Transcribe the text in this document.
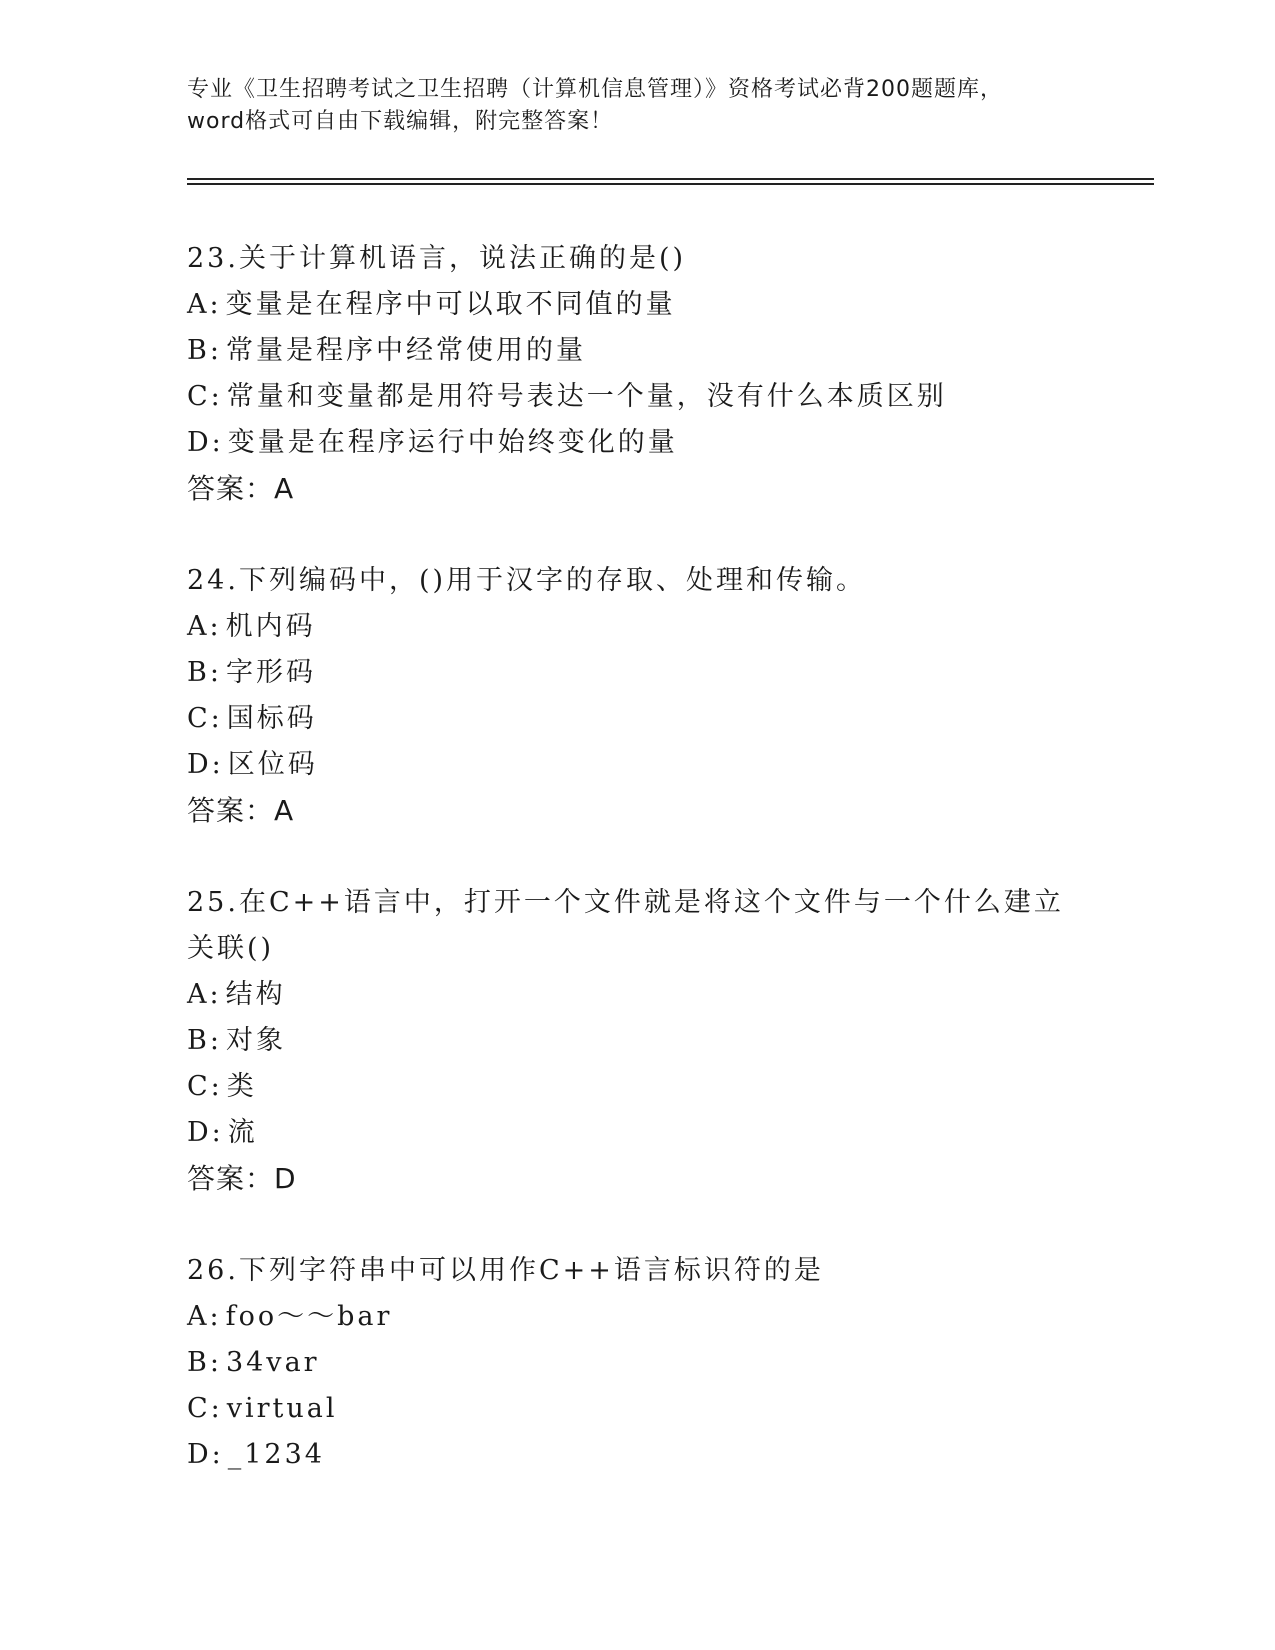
专业《卫生招聘考试之卫生招聘（计算机信息管理）》资格考试必背200题题库，
word格式可自由下载编辑，附完整答案！
23.关于计算机语言，说法正确的是()
A: 变量是在程序中可以取不同值的量
B: 常量是程序中经常使用的量
C: 常量和变量都是用符号表达一个量，没有什么本质区别
D: 变量是在程序运行中始终变化的量
答案：A
24.下列编码中，()用于汉字的存取、处理和传输。
A: 机内码
B: 字形码
C: 国标码
D: 区位码
答案：A
25.在C++语言中，打开一个文件就是将这个文件与一个什么建立关联()
A: 结构
B: 对象
C: 类
D: 流
答案：D
26.下列字符串中可以用作C++语言标识符的是
A: foo～～bar
B: 34var
C: virtual
D: _1234
